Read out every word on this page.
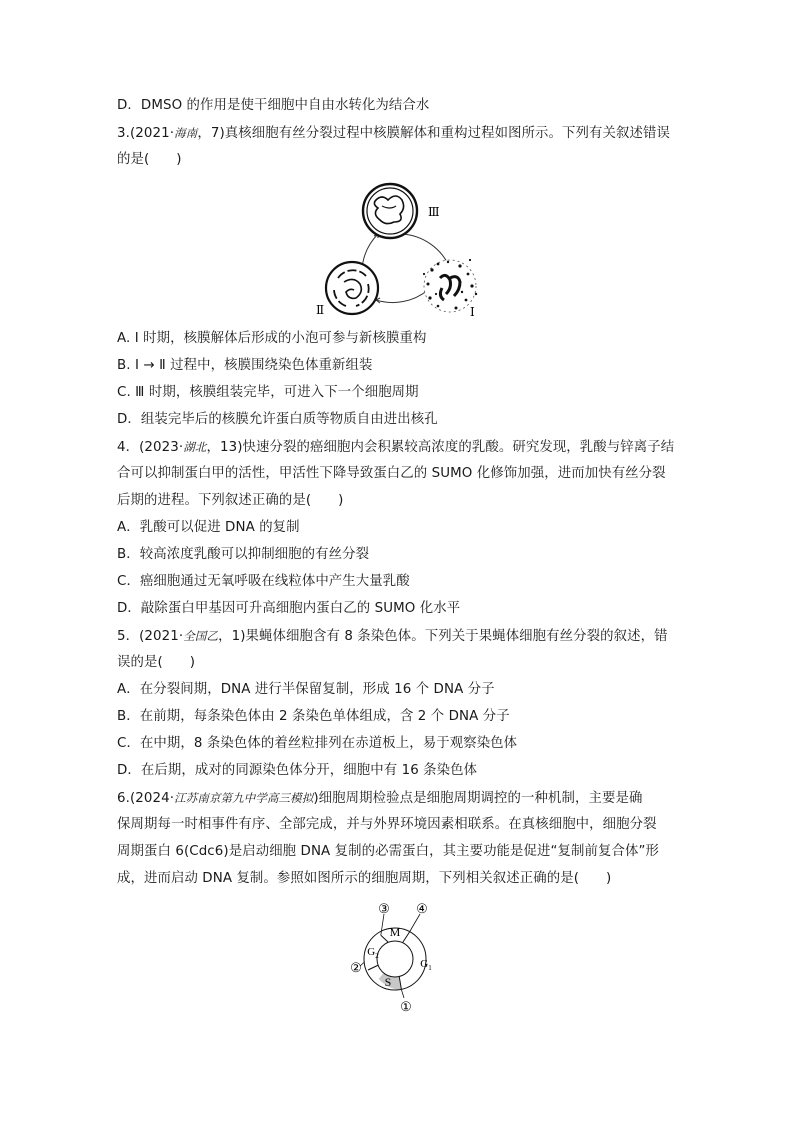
D．DMSO 的作用是使干细胞中自由水转化为结合水
3.(2021·海南，7)真核细胞有丝分裂过程中核膜解体和重构过程如图所示。下列有关叙述错误
的是(　　)
Ⅲ
Ⅱ	Ⅰ
A. Ⅰ 时期，核膜解体后形成的小泡可参与新核膜重构
B. Ⅰ → Ⅱ 过程中，核膜围绕染色体重新组装
C. Ⅲ 时期，核膜组装完毕，可进入下一个细胞周期
D．组装完毕后的核膜允许蛋白质等物质自由进出核孔
4．(2023·湖北，13)快速分裂的癌细胞内会积累较高浓度的乳酸。研究发现，乳酸与锌离子结
合可以抑制蛋白甲的活性，甲活性下降导致蛋白乙的 SUMO 化修饰加强，进而加快有丝分裂
后期的进程。下列叙述正确的是(　　)
A．乳酸可以促进 DNA 的复制
B．较高浓度乳酸可以抑制细胞的有丝分裂
C．癌细胞通过无氧呼吸在线粒体中产生大量乳酸
D．敲除蛋白甲基因可升高细胞内蛋白乙的 SUMO 化水平
5．(2021·全国乙，1)果蝇体细胞含有 8 条染色体。下列关于果蝇体细胞有丝分裂的叙述，错
误的是(　　)
A．在分裂间期，DNA 进行半保留复制，形成 16 个 DNA 分子
B．在前期，每条染色体由 2 条染色单体组成，含 2 个 DNA 分子
C．在中期，8 条染色体的着丝粒排列在赤道板上，易于观察染色体
D．在后期，成对的同源染色体分开，细胞中有 16 条染色体
6.(2024·江苏南京第九中学高三模拟)细胞周期检验点是细胞周期调控的一种机制，主要是确
保周期每一时相事件有序、全部完成，并与外界环境因素相联系。在真核细胞中，细胞分裂
周期蛋白 6(Cdc6)是启动细胞 DNA 复制的必需蛋白，其主要功能是促进“复制前复合体”形
成，进而启动 DNA 复制。参照如图所示的细胞周期，下列相关叙述正确的是(　　)
M
$G_2$
$G_1$
S
③ ④
②
①
